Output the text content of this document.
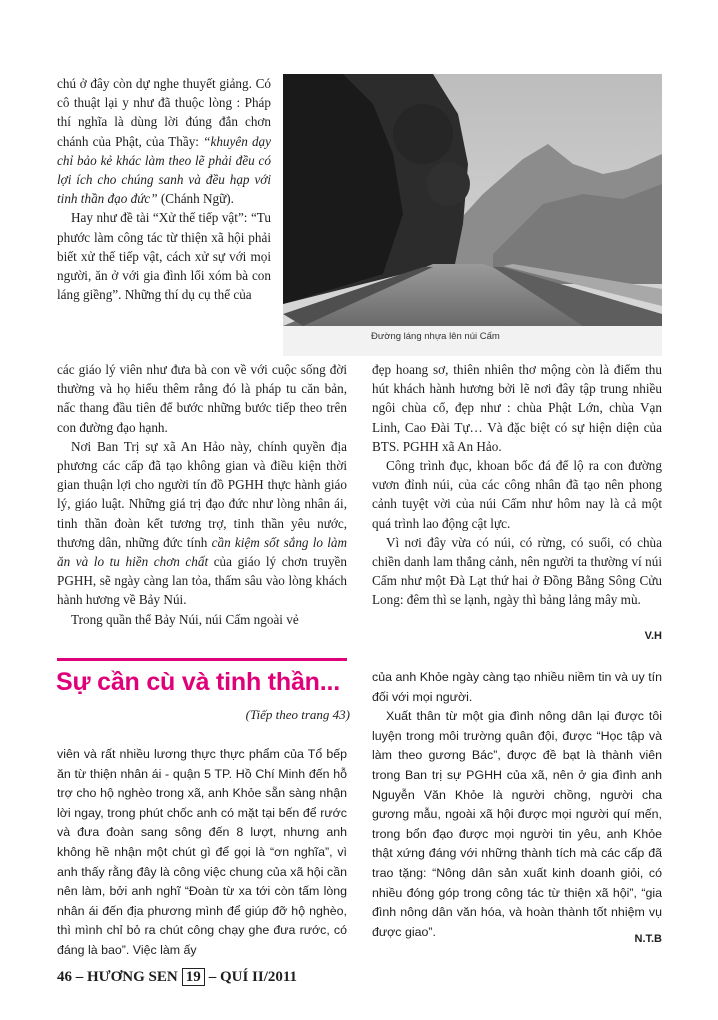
chú ở đây còn dự nghe thuyết giảng. Có cô thuật lại y như đã thuộc lòng : Pháp thí nghĩa là dùng lời đúng đắn chơn chánh của Phật, của Thầy: “khuyên dạy chỉ bảo kẻ khác làm theo lẽ phải đều có lợi ích cho chúng sanh và đều hạp với tinh thần đạo đức” (Chánh Ngữ).

Hay như đề tài “Xử thế tiếp vật”: “Tu phước làm công tác từ thiện xã hội phải biết xử thế tiếp vật, cách xử sự với mọi người, ăn ở với gia đình lối xóm bà con láng giềng”. Những thí dụ cụ thể của

Đường láng nhựa lên núi Cấm

các giáo lý viên như đưa bà con về với cuộc sống đời thường và họ hiểu thêm rằng đó là pháp tu căn bản, nấc thang đầu tiên để bước những bước tiếp theo trên con đường đạo hạnh.

Nơi Ban Trị sự xã An Hảo này, chính quyền địa phương các cấp đã tạo không gian và điều kiện thời gian thuận lợi cho người tín đồ PGHH thực hành giáo lý, giáo luật. Những giá trị đạo đức như lòng nhân ái, tinh thần đoàn kết tương trợ, tinh thần yêu nước, thương dân, những đức tính cần kiệm sốt sắng lo làm ăn và lo tu hiền chơn chất của giáo lý chơn truyền PGHH, sẽ ngày càng lan tỏa, thấm sâu vào lòng khách hành hương về Bảy Núi.

Trong quần thể Bảy Núi, núi Cấm ngoài vẻ

đẹp hoang sơ, thiên nhiên thơ mộng còn là điểm thu hút khách hành hương bởi lẽ nơi đây tập trung nhiều ngôi chùa cổ, đẹp như : chùa Phật Lớn, chùa Vạn Linh, Cao Đài Tự… Và đặc biệt có sự hiện diện của BTS. PGHH xã An Hảo.

Công trình đục, khoan bốc đá để lộ ra con đường vươn đỉnh núi, của các công nhân đã tạo nên phong cảnh tuyệt vời của núi Cấm như hôm nay là cả một quá trình lao động cật lực.

Vì nơi đây vừa có núi, có rừng, có suối, có chùa chiền danh lam thắng cảnh, nên người ta thường ví núi Cấm như một Đà Lạt thứ hai ở Đồng Bằng Sông Cửu Long: đêm thì se lạnh, ngày thì bảng lảng mây mù.

V.H
Sự cần cù và tinh thần...
(Tiếp theo trang 43)

viên và rất nhiều lương thực thực phẩm của Tổ bếp ăn từ thiện nhân ái - quận 5 TP. Hồ Chí Minh đến hỗ trợ cho hộ nghèo trong xã, anh Khỏe sẵn sàng nhận lời ngay, trong phút chốc anh có mặt tại bến để rước và đưa đoàn sang sông đến 8 lượt, nhưng anh không hề nhận một chút gì để gọi là “ơn nghĩa”, vì anh thấy rằng đây là công việc chung của xã hội cần nên làm, bởi anh nghĩ “Đoàn từ xa tới còn tấm lòng nhân ái đến địa phương mình để giúp đỡ hộ nghèo, thì mình chỉ bỏ ra chút công chạy ghe đưa rước, có đáng là bao”. Việc làm ấy

của anh Khỏe ngày càng tạo nhiều niềm tin và uy tín đối với mọi người.

Xuất thân từ một gia đình nông dân lại được tôi luyện trong môi trường quân đội, được “Học tập và làm theo gương Bác”, được đề bạt là thành viên trong Ban trị sự PGHH của xã, nên ở gia đình anh Nguyễn Văn Khỏe là người chồng, người cha gương mẫu, ngoài xã hội được mọi người quí mến, trong bổn đạo được mọi người tin yêu, anh Khỏe thật xứng đáng với những thành tích mà các cấp đã trao tặng: “Nông dân sản xuất kinh doanh giỏi, có nhiều đóng góp trong công tác từ thiện xã hội”, “gia đình nông dân văn hóa, và hoàn thành tốt nhiệm vụ được giao”.

N.T.B
46 – HƯƠNG SEN 19 – QUÍ II/2011
